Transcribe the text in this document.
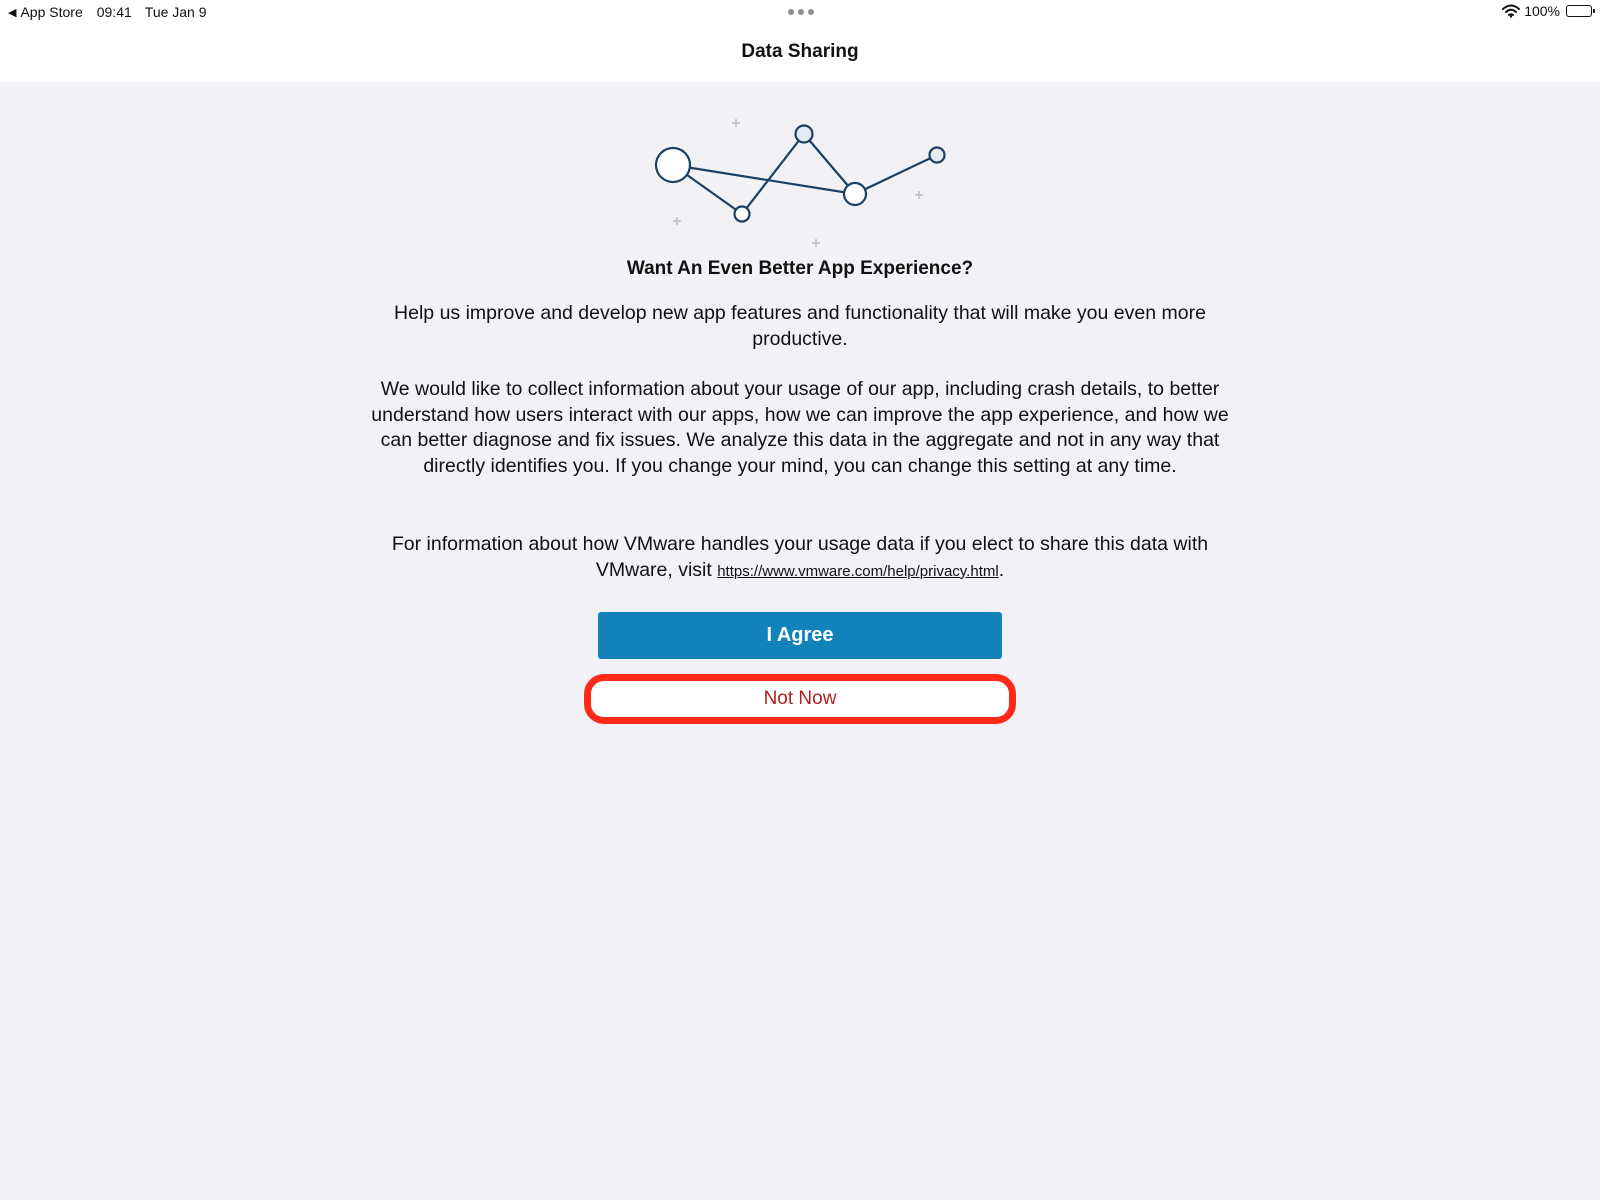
◀ App Store 09:41 Tue Jan 9	100%
Data Sharing
Want An Even Better App Experience?

Help us improve and develop new app features and functionality that will make you even more productive.

We would like to collect information about your usage of our app, including crash details, to better understand how users interact with our apps, how we can improve the app experience, and how we can better diagnose and fix issues. We analyze this data in the aggregate and not in any way that directly identifies you. If you change your mind, you can change this setting at any time.

For information about how VMware handles your usage data if you elect to share this data with VMware, visit https://www.vmware.com/help/privacy.html.

I Agree
Not Now
